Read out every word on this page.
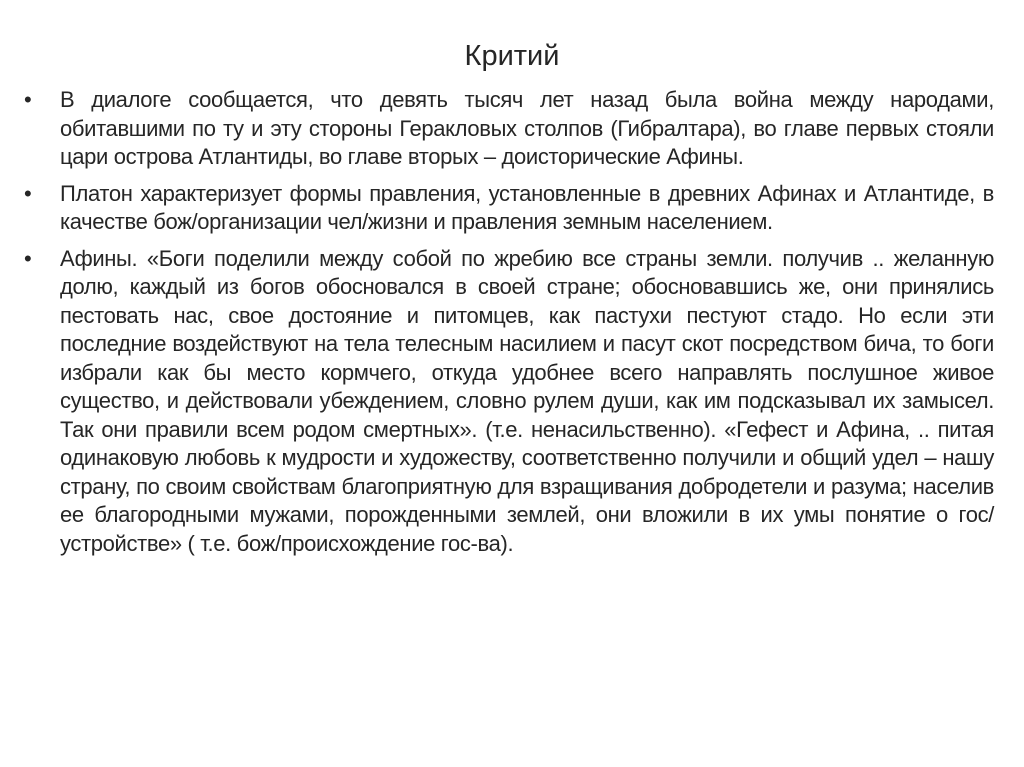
Критий
• В диалоге сообщается, что девять тысяч лет назад была война между народами, обитавшими по ту и эту стороны Геракловых столпов (Гибралтара), во главе первых стояли цари острова Атлантиды, во главе вторых – доисторические Афины.
• Платон характеризует формы правления, установленные в древних Афинах и Атлантиде, в качестве бож/организации чел/жизни и правления земным населением.
• Афины. «Боги поделили между собой по жребию все страны земли. получив .. желанную долю, каждый из богов обосновался в своей стране; обосновавшись же, они принялись пестовать нас, свое достояние и питомцев, как пастухи пестуют стадо. Но если эти последние воздействуют на тела телесным насилием и пасут скот посредством бича, то боги избрали как бы место кормчего, откуда удобнее всего направлять послушное живое существо, и действовали убеждением, словно рулем души, как им подсказывал их замысел. Так они правили всем родом смертных». (т.е. ненасильственно). «Гефест и Афина, .. питая одинаковую любовь к мудрости и художеству, соответственно получили и общий удел – нашу страну, по своим свойствам благоприятную для взращивания добродетели и разума; населив ее благородными мужами, порожденными землей, они вложили в их умы понятие о гос/устройстве» ( т.е. бож/происхождение гос-ва).
